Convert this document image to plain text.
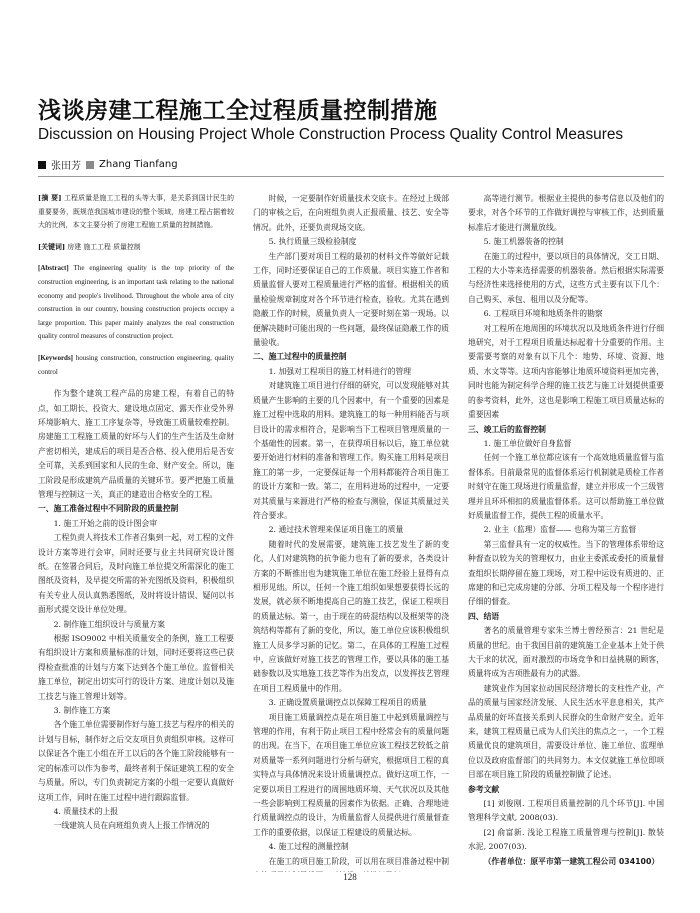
浅谈房建工程施工全过程质量控制措施
Discussion on Housing Project Whole Construction Process Quality Control Measures
张田芳 Zhang Tianfang

[摘 要] 工程质量是施工工程的头等大事，是关系到国计民生的重要要务，既规范我国城市建设的整个领域，房建工程占据着较大的比例，本文主要分析了房建工程施工质量的控制措施。

[关键词] 房建 施工工程 质量控制

[Abstract] The engineering quality is the top priority of the construction engineering, is an important task relating to the national economy and people's livelihood. Throughout the whole area of city construction in our country, housing construction projects occupy a large proportion. This paper mainly analyzes the real construction quality control measures of construction project.

[Keywords] housing construction, construction engineering, quality control

作为整个建筑工程产品的房建工程，有着自己的特点，如工期长、投资大、建设地点固定、露天作业受外界环境影响大、施工工序复杂等，导致施工质量较难控制。房建施工工程施工质量的好坏与人们的生产生活及生命财产密切相关，建成后的项目是否合格、投入使用后是否安全可靠，关系到国家和人民的生命、财产安全。所以，施工阶段是形成建筑产品质量的关键环节。要严把施工质量管理与控制这一关，真正的建造出合格安全的工程。

一、施工准备过程中不同阶段的质量控制

1. 施工开始之前的设计图会审

工程负责人将技术工作者召集到一起，对工程的文件设计方案等进行会审，同时还要与业主共同研究设计图纸。在签署合同后，及时向施工单位提交所需深化的施工图纸及资料，及早提交所需的补充图纸及资料，积极组织有关专业人员认真熟悉图纸，及时将设计错误、疑问以书面形式提交设计单位处理。

2. 制作施工组织设计与质量方案

根据 ISO9002 中相关质量安全的条例，施工工程要有组织设计方案和质量标准的计划，同时还要将这些已获得检查批准的计划与方案下达到各个施工单位。监督相关施工单位，制定出切实可行的设计方案、进度计划以及施工技艺与施工管理计划等。

3. 制作施工方案

各个施工单位需要制作好与施工技艺与程序的相关的计划与目标，制作好之后交友项目负责组织审核。这样可以保证各个施工小组在开工以后的各个施工阶段能够有一定的标准可以作为参考，最终者利于保证建筑工程的安全与质量。所以，专门负责制定方案的小组一定要认真做好这项工作，同时在施工过程中进行跟踪监督。

4. 质量技术的上报

一线建筑人员在向班组负责人上报工作情况的

时候，一定要制作好质量技术交底卡。在经过上级部门的审核之后，在向班组负责人正报质量、技艺、安全等情况。此外，还要负责现场交底。

5. 执行质量三级检验制度

生产部门要对项目工程的最初的材料文件等做好记载工作，同时还要保证自己的工作质量。项目实施工作者和质量监督人要对工程质量进行严格的监督。根据相关的质量检验规章制度对各个环节进行检查，验收。尤其在遇到隐蔽工作的时候，质量负责人一定要时刻在第一现场。以便解决随时可能出现的一些问题，最终保证隐蔽工作的质量验收。

二、施工过程中的质量控制

1. 加强对工程项目的施工材料进行的管理

对建筑施工项目进行仔细的研究，可以发现能够对其质量产生影响的主要的几个因素中，有一个重要的因素是施工过程中选取的用料。建筑施工的每一种用料能否与项目设计的需求相符合，是影响当下工程项目管理质量的一个基础性的因素。第一，在获得项目标以后，施工单位就要开始进行材料的准备和管理工作。购买施工用料是项目施工的第一步，一定要保证每一个用料都能符合项目施工的设计方案和一致。第二，在用料进场的过程中，一定要对其质量与来源进行严格的检查与测验，保证其质量过关符合要求。

2. 通过技术管理来保证项目施工的质量

随着时代的发展需要，建筑施工技艺发生了新的变化，人们对建筑物的抗争能力也有了新的要求，各类设计方案的不断推出也为建筑施工单位在施工经验上显得有点相形见绌。所以，任何一个施工组织如果想要获得长远的发展，就必须不断地提高自己的施工技艺，保证工程项目的质量达标。第一，由于现在的砖混结构以及框架等的浇筑结构等都有了新的变化，所以，施工单位应该积极组织施工人员多学习新的记忆。第二，在具体的工程施工过程中，应该做好对施工技艺的管理工作，要以具体的施工基础参数以及实地施工技艺等作为出发点，以发挥技艺管理在项目工程质量中的作用。

3. 正确设置质量调控点以保障工程项目的质量

项目施工质量调控点是在项目施工中起到质量调控与管理的作用，有利于防止项目工程中经常会有的质量问题的出现。在当下，在项目施工单位应该工程技艺较低之前对质量等一系列问题进行分析与研究，根据项目工程的真实特点与具体情况来设计质量调控点。做好这项工作，一定要以项目工程进行的周围地质环境、天气状况以及其他一些会影响到工程质量的因素作为依据。正确、合理地进行质量调控点的设计，为质量监督人员提供进行质量督查工作的重要依据，以保证工程建设的质量达标。

4. 施工过程的测量控制

在施工的项目施工阶段，可以用在项目准备过程中制

高等进行测节。根据业主提供的参考信息以及他们的要求，对各个环节的工作做好调控与审核工作，达到质量标准后才能进行测量放线。

5. 施工机器装备的控制

在施工的过程中，要以项目的具体情况，交工日期、工程的大小等来选择需要的机器装备。然后根据实际需要与经济性来选择使用的方式，这些方式主要有以下几个：自己购买、承包、租用以及分配等。

6. 工程项目环境和地质条件的勘察

对工程所在地周围的环境状况以及地质条件进行仔细地研究，对于工程项目质量达标起着十分重要的作用。主要需要考察的对象有以下几个：地势、环境、资源、地质、水文等等。这项内容能够让地质环境资料更加完善，同时也能为制定科学合理的施工技艺与施工计划提供重要的参考资料，此外，这也是影响工程施工项目质量达标的重要因素

三、竣工后的监督控制

1. 施工单位做好自身监督

任何一个施工单位都应该有一个高效地质量监督与监督体系。目前最常见的监督体系运行机制就是质检工作者时刻守在施工现场进行质量监督，建立并形成一个三级管理并且环环相扣的质量监督体系。这可以帮助施工单位做好质量监督工作，提供工程的质量水平。

2. 业主（监理）监督—— 也称为第三方监督

第三监督具有一定的权威性。当下的管理体系带给这种督查以较为关的管理权力，由业主委派或委托的质量督查组织长期停留在施工现场，对工程中运设有质进的、正席建的和已完成房建的分部、分项工程及每一个程序进行仔细的督查。

四、结语

著名的质量管理专家朱兰博士曾经预言：21 世纪是质量的世纪。由于我国目前的建筑施工企业基本上处于供大于求的状况，面对激烈的市场竞争和日益挑剔的顾客，质量将成为吉项胜最有力的武器。

建筑业作为国家拉动国民经济增长的支柱性产业，产品的质量与国家经济发展、人民生活水平息息相关，其产品质量的好坏直接关系到人民群众的生命财产安全。近年来，建筑工程质量已成为人们关注的焦点之一，一个工程质量优良的建筑项目，需要设计单位、施工单位、监理单位以及政府监督部门的共同努力。本文仅就施工单位即项目部在项目施工阶段的质量控制做了论述。

参考文献

[1] 刘俊刚. 工程项目质量控制的几个环节[J]. 中国管理科学文献, 2008(03).

[2] 俞富新. 浅论工程施工质量管理与控制[J]. 散装水泥, 2007(03).

（作者单位：原平市第一建筑工程公司 034100）

128
